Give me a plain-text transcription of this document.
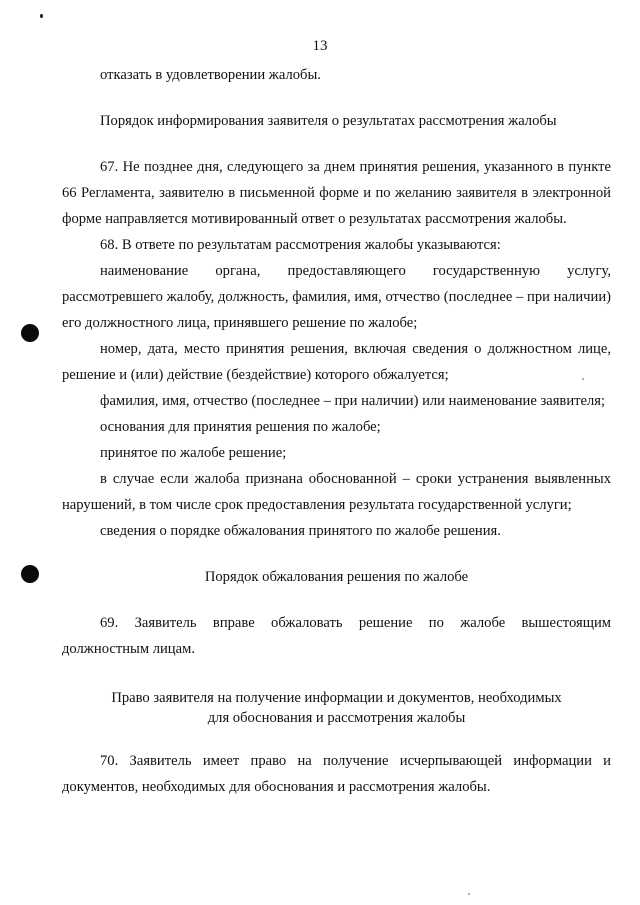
13

отказать в удовлетворении жалобы.

Порядок информирования заявителя о результатах рассмотрения жалобы

67. Не позднее дня, следующего за днем принятия решения, указанного в пункте 66 Регламента, заявителю в письменной форме и по желанию заявителя в электронной форме направляется мотивированный ответ о результатах рассмотрения жалобы.

68. В ответе по результатам рассмотрения жалобы указываются:

наименование органа, предоставляющего государственную услугу, рассмотревшего жалобу, должность, фамилия, имя, отчество (последнее – при наличии) его должностного лица, принявшего решение по жалобе;

номер, дата, место принятия решения, включая сведения о должностном лице, решение и (или) действие (бездействие) которого обжалуется;

фамилия, имя, отчество (последнее – при наличии) или наименование заявителя;

основания для принятия решения по жалобе;

принятое по жалобе решение;

в случае если жалоба признана обоснованной – сроки устранения выявленных нарушений, в том числе срок предоставления результата государственной услуги;

сведения о порядке обжалования принятого по жалобе решения.

Порядок обжалования решения по жалобе

69. Заявитель вправе обжаловать решение по жалобе вышестоящим должностным лицам.

Право заявителя на получение информации и документов, необходимых

для обоснования и рассмотрения жалобы

70. Заявитель имеет право на получение исчерпывающей информации и документов, необходимых для обоснования и рассмотрения жалобы.
